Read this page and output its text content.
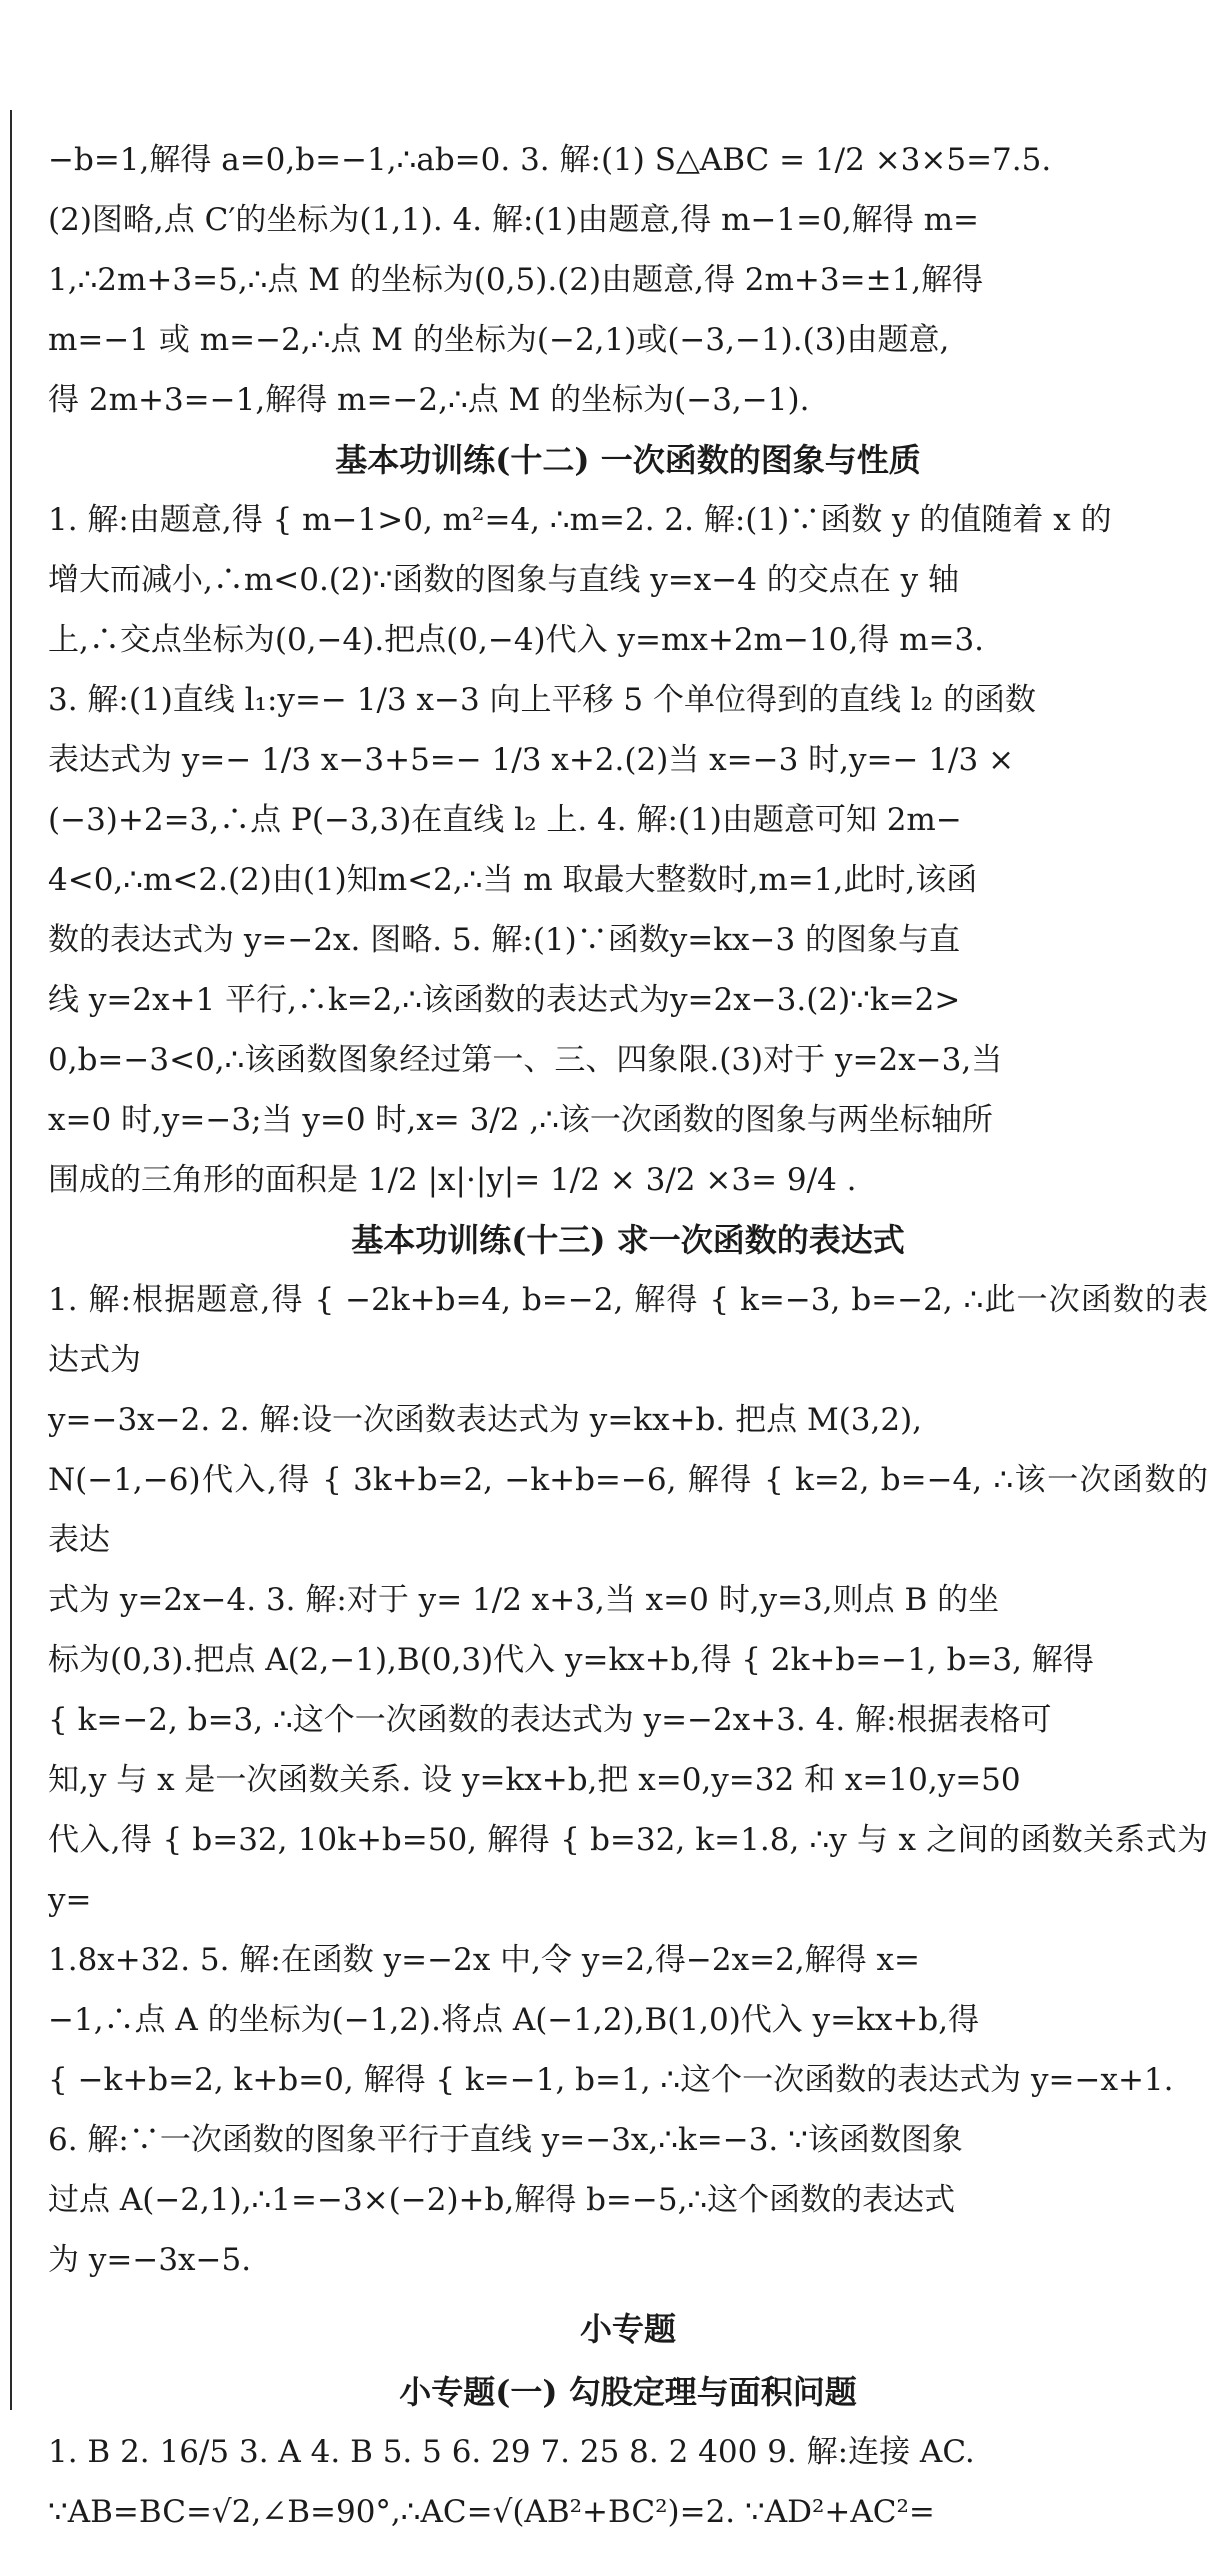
−b=1,解得 a=0,b=−1,∴ab=0. 3. 解:(1) S△ABC = 1/2 ×3×5=7.5.

(2)图略,点 C′的坐标为(1,1). 4. 解:(1)由题意,得 m−1=0,解得 m=

1,∴2m+3=5,∴点 M 的坐标为(0,5).(2)由题意,得 2m+3=±1,解得

m=−1 或 m=−2,∴点 M 的坐标为(−2,1)或(−3,−1).(3)由题意,

得 2m+3=−1,解得 m=−2,∴点 M 的坐标为(−3,−1).

基本功训练(十二) 一次函数的图象与性质

1. 解:由题意,得 { m−1>0, m²=4, ∴m=2. 2. 解:(1)∵函数 y 的值随着 x 的

增大而减小,∴m<0.(2)∵函数的图象与直线 y=x−4 的交点在 y 轴

上,∴交点坐标为(0,−4).把点(0,−4)代入 y=mx+2m−10,得 m=3.

3. 解:(1)直线 l₁:y=− 1/3 x−3 向上平移 5 个单位得到的直线 l₂ 的函数

表达式为 y=− 1/3 x−3+5=− 1/3 x+2.(2)当 x=−3 时,y=− 1/3 ×

(−3)+2=3,∴点 P(−3,3)在直线 l₂ 上. 4. 解:(1)由题意可知 2m−

4<0,∴m<2.(2)由(1)知m<2,∴当 m 取最大整数时,m=1,此时,该函

数的表达式为 y=−2x. 图略. 5. 解:(1)∵函数y=kx−3 的图象与直

线 y=2x+1 平行,∴k=2,∴该函数的表达式为y=2x−3.(2)∵k=2>

0,b=−3<0,∴该函数图象经过第一、三、四象限.(3)对于 y=2x−3,当

x=0 时,y=−3;当 y=0 时,x= 3/2 ,∴该一次函数的图象与两坐标轴所

围成的三角形的面积是 1/2 |x|·|y|= 1/2 × 3/2 ×3= 9/4 .

基本功训练(十三) 求一次函数的表达式

1. 解:根据题意,得 { −2k+b=4, b=−2, 解得 { k=−3, b=−2, ∴此一次函数的表达式为

y=−3x−2. 2. 解:设一次函数表达式为 y=kx+b. 把点 M(3,2),

N(−1,−6)代入,得 { 3k+b=2, −k+b=−6, 解得 { k=2, b=−4, ∴该一次函数的表达

式为 y=2x−4. 3. 解:对于 y= 1/2 x+3,当 x=0 时,y=3,则点 B 的坐

标为(0,3).把点 A(2,−1),B(0,3)代入 y=kx+b,得 { 2k+b=−1, b=3, 解得

{ k=−2, b=3, ∴这个一次函数的表达式为 y=−2x+3. 4. 解:根据表格可

知,y 与 x 是一次函数关系. 设 y=kx+b,把 x=0,y=32 和 x=10,y=50

代入,得 { b=32, 10k+b=50, 解得 { b=32, k=1.8, ∴y 与 x 之间的函数关系式为 y=

1.8x+32. 5. 解:在函数 y=−2x 中,令 y=2,得−2x=2,解得 x=

−1,∴点 A 的坐标为(−1,2).将点 A(−1,2),B(1,0)代入 y=kx+b,得

{ −k+b=2, k+b=0, 解得 { k=−1, b=1, ∴这个一次函数的表达式为 y=−x+1.

6. 解:∵一次函数的图象平行于直线 y=−3x,∴k=−3. ∵该函数图象

过点 A(−2,1),∴1=−3×(−2)+b,解得 b=−5,∴这个函数的表达式

为 y=−3x−5.

小专题
小专题(一) 勾股定理与面积问题

1. B 2. 16/5 3. A 4. B 5. 5 6. 29 7. 25 8. 2 400 9. 解:连接 AC.

∵AB=BC=√2,∠B=90°,∴AC=√(AB²+BC²)=2. ∵AD²+AC²=
